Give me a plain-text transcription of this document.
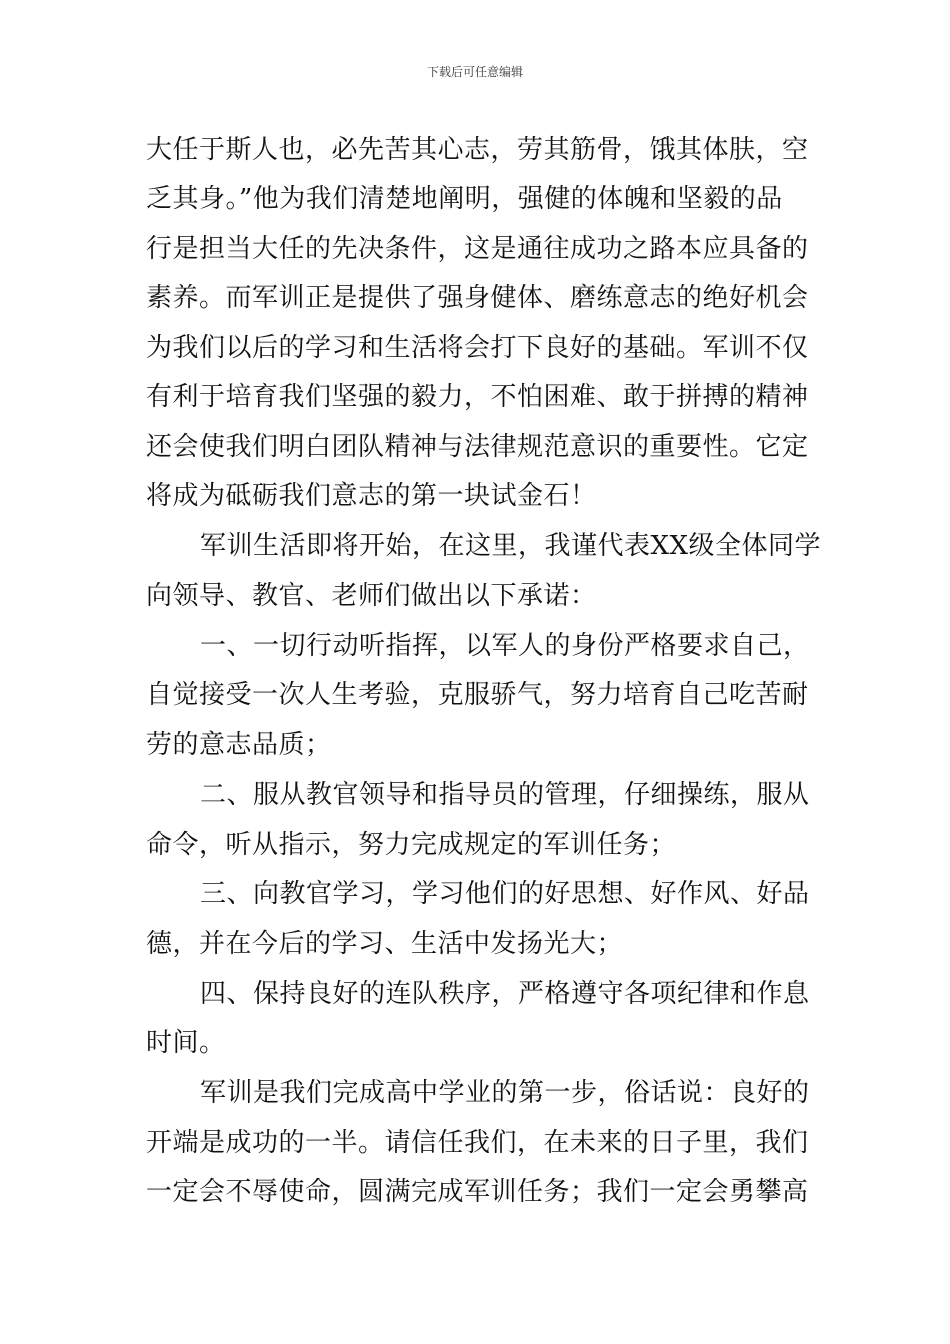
下载后可任意编辑
大任于斯人也，必先苦其心志，劳其筋骨，饿其体肤，空
乏其身。”他为我们清楚地阐明，强健的体魄和坚毅的品
行是担当大任的先决条件，这是通往成功之路本应具备的
素养。而军训正是提供了强身健体、磨练意志的绝好机会
为我们以后的学习和生活将会打下良好的基础。军训不仅
有利于培育我们坚强的毅力，不怕困难、敢于拼搏的精神
还会使我们明白团队精神与法律规范意识的重要性。它定
将成为砥砺我们意志的第一块试金石！
军训生活即将开始，在这里，我谨代表XX级全体同学
向领导、教官、老师们做出以下承诺：
一、一切行动听指挥，以军人的身份严格要求自己，
自觉接受一次人生考验，克服骄气，努力培育自己吃苦耐
劳的意志品质；
二、服从教官领导和指导员的管理，仔细操练，服从
命令，听从指示，努力完成规定的军训任务；
三、向教官学习，学习他们的好思想、好作风、好品
德，并在今后的学习、生活中发扬光大；
四、保持良好的连队秩序，严格遵守各项纪律和作息
时间。
军训是我们完成高中学业的第一步，俗话说：良好的
开端是成功的一半。请信任我们，在未来的日子里，我们
一定会不辱使命，圆满完成军训任务；我们一定会勇攀高
